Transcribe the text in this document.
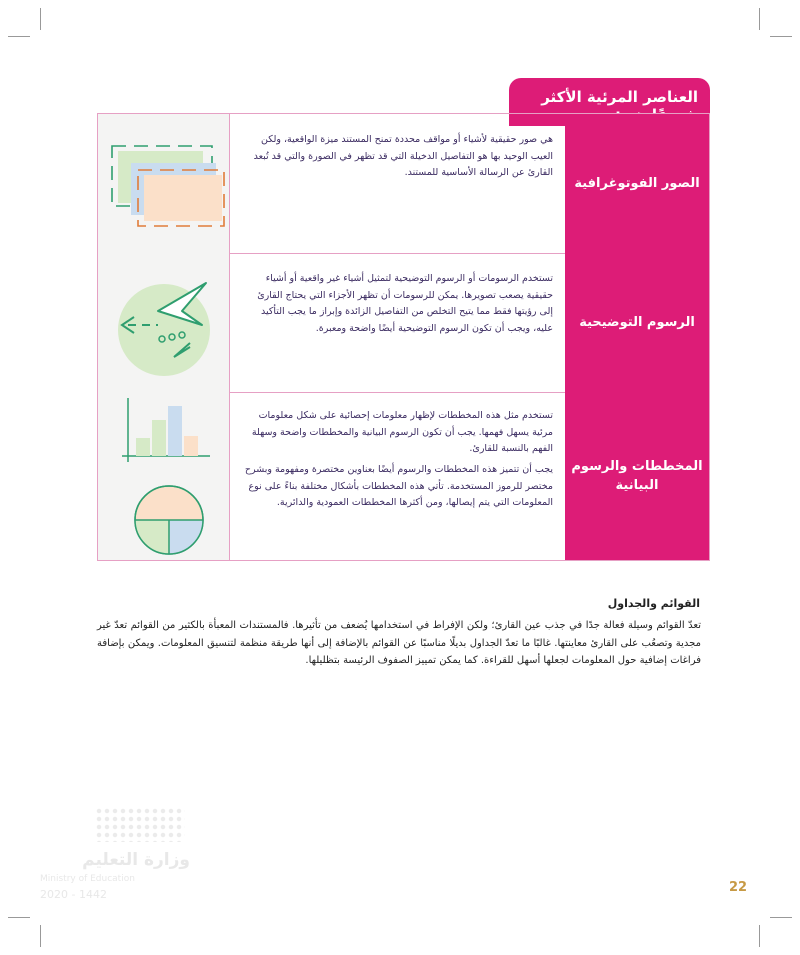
العناصر المرئية الأكثر
الصور الفوتوغرافية

هي صور حقيقية لأشياء أو مواقف محددة تمنح المستند ميزة الواقعية، ولكن العيب الوحيد بها هو التفاصيل الدخيلة التي قد تظهر في الصورة والتي قد تُبعد القارئ عن الرسالة الأساسية للمستند.

الرسوم التوضيحية

تستخدم الرسومات أو الرسوم التوضيحية لتمثيل أشياء غير واقعية أو أشياء حقيقية يصعب تصويرها. يمكن للرسومات أن تظهر الأجزاء التي يحتاج القارئ إلى رؤيتها فقط مما يتيح التخلص من التفاصيل الزائدة وإبراز ما يجب التأكيد عليه، ويجب أن تكون الرسوم التوضيحية أيضًا واضحة ومعبرة.

المخططات والرسوم البيانية

تستخدم مثل هذه المخططات لإظهار معلومات إحصائية على شكل معلومات مرئية يسهل فهمها. يجب أن تكون الرسوم البيانية والمخططات واضحة وسهلة الفهم بالنسبة للقارئ.

يجب أن تتميز هذه المخططات والرسوم أيضًا بعناوين مختصرة ومفهومة وبشرح مختصر للرموز المستخدمة. تأتي هذه المخططات بأشكال مختلفة بناءً على نوع المعلومات التي يتم إيصالها، ومن أكثرها المخططات العمودية والدائرية.

القوائم والجداول

تعدّ القوائم وسيلة فعالة جدًا في جذب عين القارئ؛ ولكن الإفراط في استخدامها يُضعف من تأثيرها. فالمستندات المعبأة بالكثير من القوائم تعدّ غير مجدية وتصعُب على القارئ معاينتها. غالبًا ما تعدّ الجداول بديلًا مناسبًا عن القوائم بالإضافة إلى أنها طريقة منظمة لتنسيق المعلومات. ويمكن بإضافة فراغات إضافية حول المعلومات لجعلها أسهل للقراءة. كما يمكن تمييز الصفوف الرئيسة بتظليلها.

وزارة التعليم
Ministry of Education
2020 - 1442	22
